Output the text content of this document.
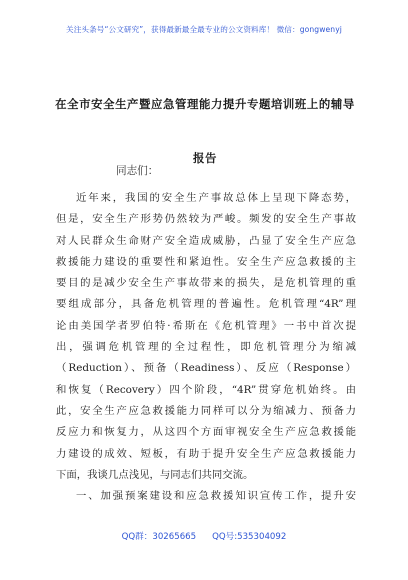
关注头条号“公文研究”，获得最新最全最专业的公文资料库！ 微信：gongwenyj
在全市安全生产暨应急管理能力提升专题培训班上的辅导
报告
同志们：
近年来，我国的安全生产事故总体上呈现下降态势，
但是，安全生产形势仍然较为严峻。频发的安全生产事故
对人民群众生命财产安全造成威胁，凸显了安全生产应急
救援能力建设的重要性和紧迫性。安全生产应急救援的主
要目的是减少安全生产事故带来的损失，是危机管理的重
要组成部分，具备危机管理的普遍性。危机管理“4R”理
论由美国学者罗伯特·希斯在《危机管理》一书中首次提
出，强调危机管理的全过程性，即危机管理分为缩减
（Reduction）、预备（Readiness）、反应（Response）
和恢复（Recovery）四个阶段，“4R”贯穿危机始终。由
此，安全生产应急救援能力同样可以分为缩减力、预备力
反应力和恢复力，从这四个方面审视安全生产应急救援能
力建设的成效、短板，有助于提升安全生产应急救援能力
下面，我谈几点浅见，与同志们共同交流。
一、加强预案建设和应急救援知识宣传工作，提升安
QQ群：30265665 QQ号:535304092
